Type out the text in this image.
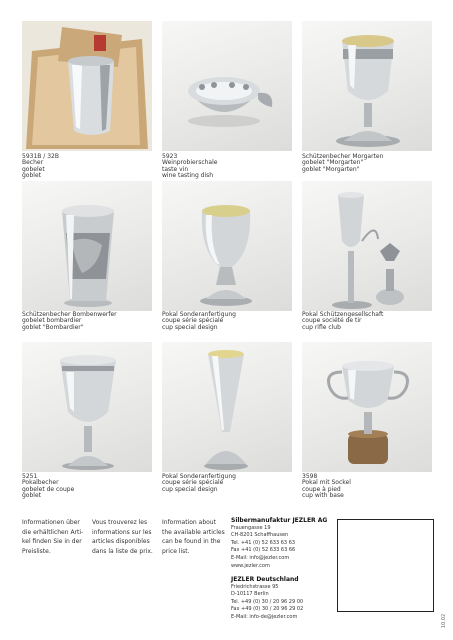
5931B / 32B
Becher
gobelet
goblet
5923
Weinprobierschale
taste vin
wine tasting dish
Schützenbecher Morgarten
gobelet "Morgarten"
goblet "Morgarten"
Schützenbecher Bombenwerfer
gobelet bombardier
goblet "Bombardier"
Pokal Sonderanfertigung
coupe série spéciale
cup special design
Pokal Schützengesellschaft
coupe société de tir
cup rifle club
5251
Pokalbecher
gobelet de coupe
goblet
Pokal Sonderanfertigung
coupe série spéciale
cup special design
3598
Pokal mit Sockel
coupe à pied
cup with base
Informationen über
die erhältlichen Arti-
kel finden Sie in der
Preisliste.
Vous trouverez les
informations sur les
articles disponibles
dans la liste de prix.
Information about
the available articles
can be found in the
price list.
Silbermanufaktur JEZLER AG
Frauengasse 19
CH-8201 Schaffhausen
Tel. +41 (0) 52 633 63 63
Fax +41 (0) 52 633 63 66
E-Mail: info@jezler.com
www.jezler.com
JEZLER Deutschland
Friedrichstrasse 95
D-10117 Berlin
Tel. +49 (0) 30 / 20 96 29 00
Fax +49 (0) 30 / 20 96 29 02
E-Mail: info-de@jezler.com	10.02
